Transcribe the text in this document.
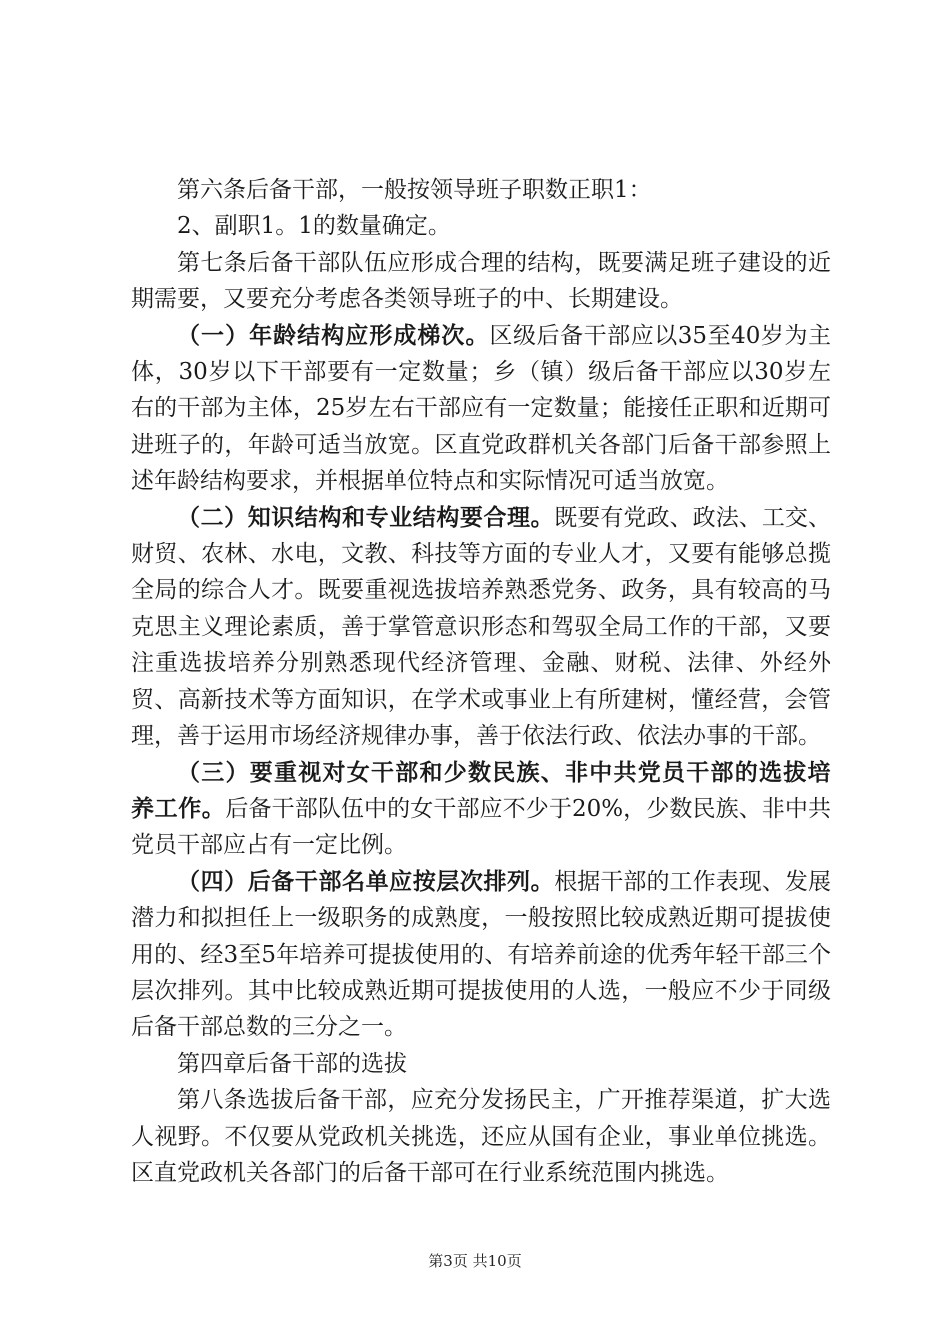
第六条后备干部，一般按领导班子职数正职1：

2、副职1。1的数量确定。

第七条后备干部队伍应形成合理的结构，既要满足班子建设的近期需要，又要充分考虑各类领导班子的中、长期建设。

（一）年龄结构应形成梯次。区级后备干部应以35至40岁为主体，30岁以下干部要有一定数量；乡（镇）级后备干部应以30岁左右的干部为主体，25岁左右干部应有一定数量；能接任正职和近期可进班子的，年龄可适当放宽。区直党政群机关各部门后备干部参照上述年龄结构要求，并根据单位特点和实际情况可适当放宽。

（二）知识结构和专业结构要合理。既要有党政、政法、工交、财贸、农林、水电，文教、科技等方面的专业人才，又要有能够总揽全局的综合人才。既要重视选拔培养熟悉党务、政务，具有较高的马克思主义理论素质，善于掌管意识形态和驾驭全局工作的干部，又要注重选拔培养分别熟悉现代经济管理、金融、财税、法律、外经外贸、高新技术等方面知识，在学术或事业上有所建树，懂经营，会管理，善于运用市场经济规律办事，善于依法行政、依法办事的干部。

（三）要重视对女干部和少数民族、非中共党员干部的选拔培养工作。后备干部队伍中的女干部应不少于20%，少数民族、非中共党员干部应占有一定比例。

（四）后备干部名单应按层次排列。根据干部的工作表现、发展潜力和拟担任上一级职务的成熟度，一般按照比较成熟近期可提拔使用的、经3至5年培养可提拔使用的、有培养前途的优秀年轻干部三个层次排列。其中比较成熟近期可提拔使用的人选，一般应不少于同级后备干部总数的三分之一。

第四章后备干部的选拔

第八条选拔后备干部，应充分发扬民主，广开推荐渠道，扩大选人视野。不仅要从党政机关挑选，还应从国有企业，事业单位挑选。区直党政机关各部门的后备干部可在行业系统范围内挑选。

第3页 共10页
